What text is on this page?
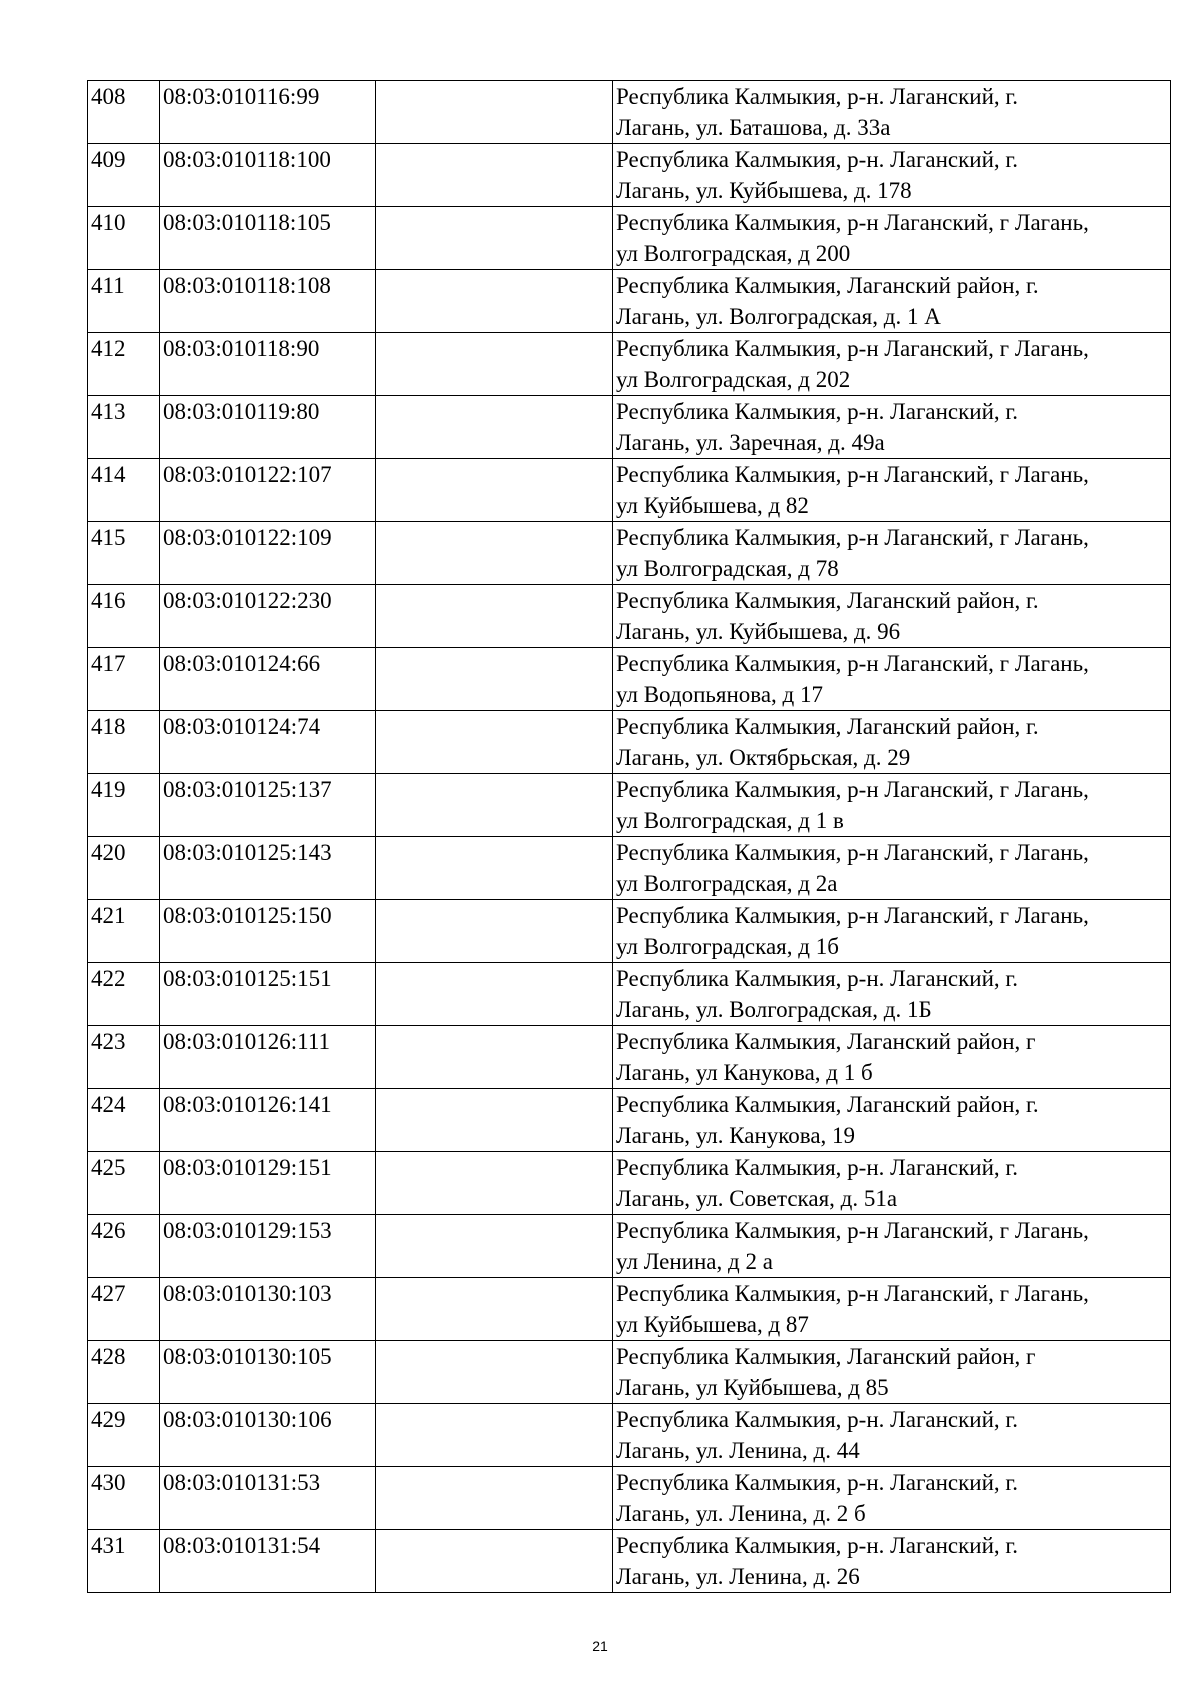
408	08:03:010116:99		Республика Калмыкия, р-н. Лаганский, г.
Лагань, ул. Баташова, д. 33а

409	08:03:010118:100		Республика Калмыкия, р-н. Лаганский, г.
Лагань, ул. Куйбышева, д. 178

410	08:03:010118:105		Республика Калмыкия, р-н Лаганский, г Лагань,
ул Волгоградская, д 200

411	08:03:010118:108		Республика Калмыкия, Лаганский район, г.
Лагань, ул. Волгоградская, д. 1 А

412	08:03:010118:90		Республика Калмыкия, р-н Лаганский, г Лагань,
ул Волгоградская, д 202

413	08:03:010119:80		Республика Калмыкия, р-н. Лаганский, г.
Лагань, ул. Заречная, д. 49а

414	08:03:010122:107		Республика Калмыкия, р-н Лаганский, г Лагань,
ул Куйбышева, д 82

415	08:03:010122:109		Республика Калмыкия, р-н Лаганский, г Лагань,
ул Волгоградская, д 78

416	08:03:010122:230		Республика Калмыкия, Лаганский район, г.
Лагань, ул. Куйбышева, д. 96

417	08:03:010124:66		Республика Калмыкия, р-н Лаганский, г Лагань,
ул Водопьянова, д 17

418	08:03:010124:74		Республика Калмыкия, Лаганский район, г.
Лагань, ул. Октябрьская, д. 29

419	08:03:010125:137		Республика Калмыкия, р-н Лаганский, г Лагань,
ул Волгоградская, д 1 в

420	08:03:010125:143		Республика Калмыкия, р-н Лаганский, г Лагань,
ул Волгоградская, д 2а

421	08:03:010125:150		Республика Калмыкия, р-н Лаганский, г Лагань,
ул Волгоградская, д 1б

422	08:03:010125:151		Республика Калмыкия, р-н. Лаганский, г.
Лагань, ул. Волгоградская, д. 1Б

423	08:03:010126:111		Республика Калмыкия, Лаганский район, г
Лагань, ул Канукова, д 1 б

424	08:03:010126:141		Республика Калмыкия, Лаганский район, г.
Лагань, ул. Канукова, 19

425	08:03:010129:151		Республика Калмыкия, р-н. Лаганский, г.
Лагань, ул. Советская, д. 51а

426	08:03:010129:153		Республика Калмыкия, р-н Лаганский, г Лагань,
ул Ленина, д 2 а

427	08:03:010130:103		Республика Калмыкия, р-н Лаганский, г Лагань,
ул Куйбышева, д 87

428	08:03:010130:105		Республика Калмыкия, Лаганский район, г
Лагань, ул Куйбышева, д 85

429	08:03:010130:106		Республика Калмыкия, р-н. Лаганский, г.
Лагань, ул. Ленина, д. 44

430	08:03:010131:53		Республика Калмыкия, р-н. Лаганский, г.
Лагань, ул. Ленина, д. 2 б

431	08:03:010131:54		Республика Калмыкия, р-н. Лаганский, г.
Лагань, ул. Ленина, д. 26
21
